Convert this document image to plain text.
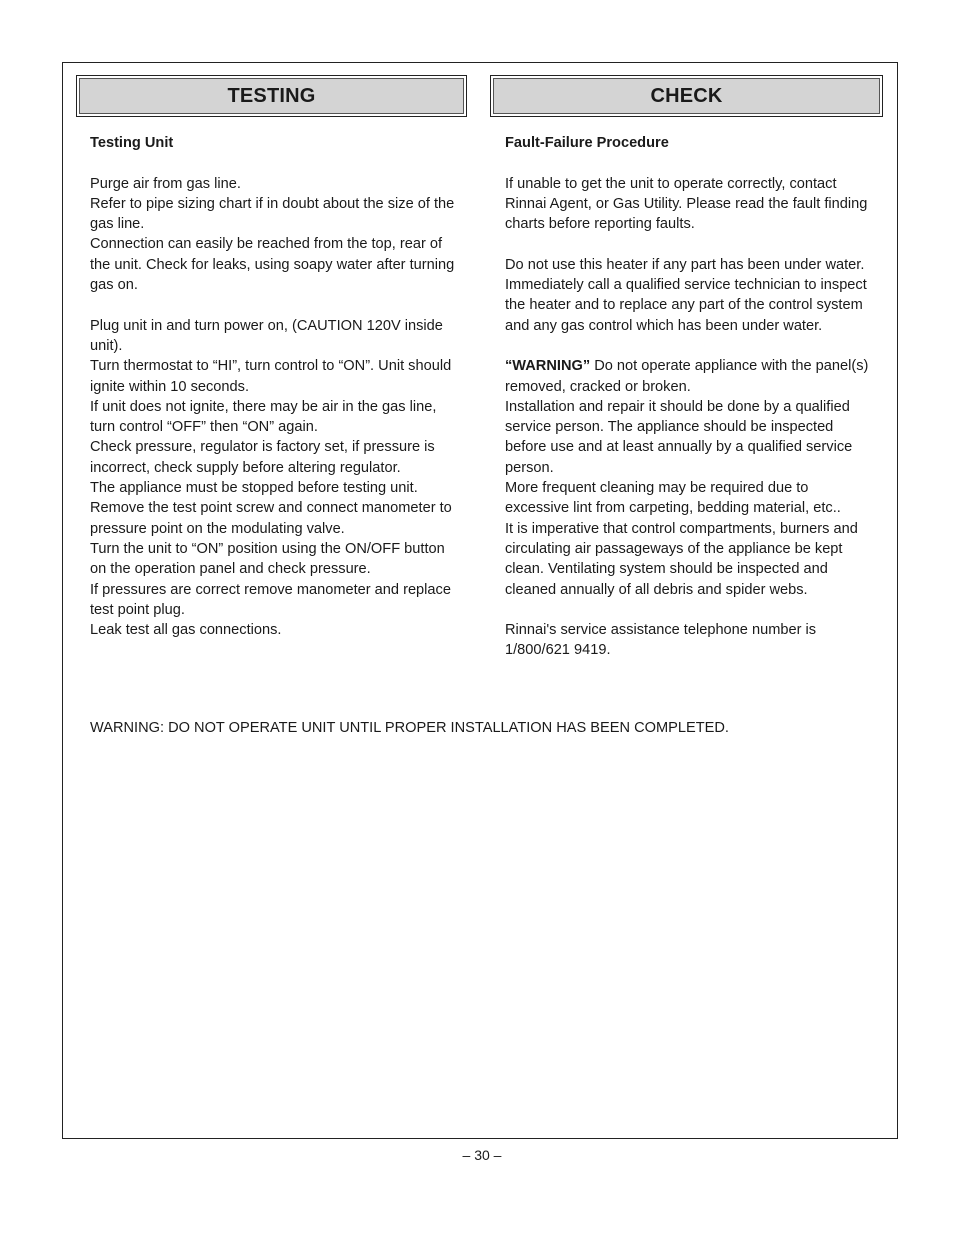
TESTING	CHECK

Testing Unit

Purge air from gas line.

Refer to pipe sizing chart if in doubt about the size of the gas line.

Connection can easily be reached from the top, rear of the unit. Check for leaks, using soapy water after turning gas on.

Plug unit in and turn power on, (CAUTION 120V inside unit).

Turn thermostat to “HI”, turn control to “ON”. Unit should ignite within 10 seconds.

If unit does not ignite, there may be air in the gas line, turn control “OFF” then “ON” again.

Check pressure, regulator is factory set, if pressure is incorrect, check supply before altering regulator.

The appliance must be stopped before testing unit.

Remove the test point screw and connect manometer to pressure point on the modulating valve.

Turn the unit to “ON” position using the ON/OFF button on the operation panel and check pressure.

If pressures are correct remove manometer and replace test point plug.

Leak test all gas connections.

Fault-Failure Procedure

If unable to get the unit to operate correctly, contact Rinnai Agent, or Gas Utility. Please read the fault finding charts before reporting faults.

Do not use this heater if any part has been under water. Immediately call a qualified service technician to inspect the heater and to replace any part of the control system and any gas control which has been under water.

“WARNING” Do not operate appliance with the panel(s) removed, cracked or broken.

Installation and repair it should be done by a qualified service person. The appliance should be inspected before use and at least annually by a qualified service person.

More frequent cleaning may be required due to excessive lint from carpeting, bedding material, etc..

It is imperative that control compartments, burners and circulating air passageways of the appliance be kept clean. Ventilating system should be inspected and cleaned annually of all debris and spider webs.

Rinnai's service assistance telephone number is 1/800/621 9419.

WARNING: DO NOT OPERATE UNIT UNTIL PROPER INSTALLATION HAS BEEN COMPLETED.
– 30 –
